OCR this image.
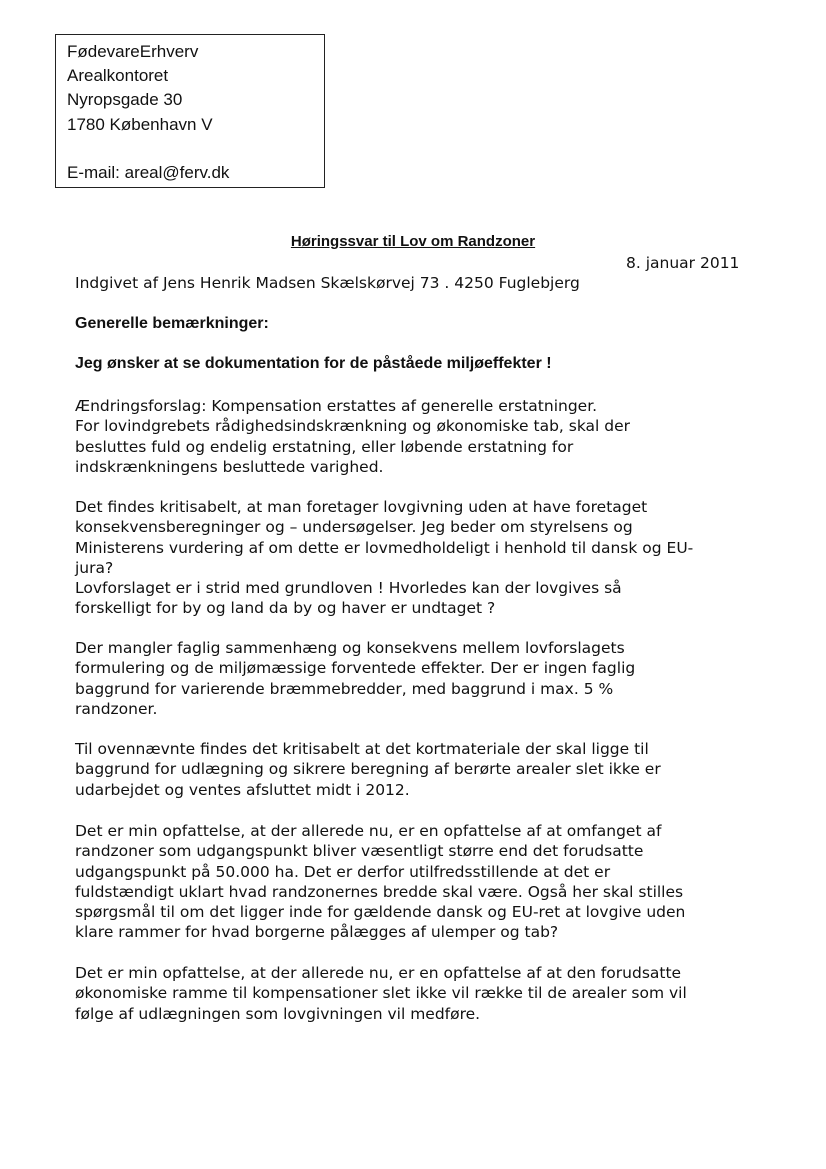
FødevareErhverv
Arealkontoret
Nyropsgade 30
1780 København V
E-mail: areal@ferv.dk
Høringssvar til Lov om Randzoner
8. januar 2011
Indgivet af Jens Henrik Madsen Skælskørvej 73 . 4250 Fuglebjerg
Generelle bemærkninger:
Jeg ønsker at se dokumentation for de påståede miljøeffekter !
Ændringsforslag: Kompensation erstattes af generelle erstatninger.
For lovindgrebets rådighedsindskrænkning og økonomiske tab, skal der
besluttes fuld og endelig erstatning, eller løbende erstatning for
indskrænkningens besluttede varighed.
Det findes kritisabelt, at man foretager lovgivning uden at have foretaget
konsekvensberegninger og – undersøgelser. Jeg beder om styrelsens og
Ministerens vurdering af om dette er lovmedholdeligt i henhold til dansk og EU-
jura?
Lovforslaget er i strid med grundloven ! Hvorledes kan der lovgives så
forskelligt for by og land da by og haver er undtaget ?
Der mangler faglig sammenhæng og konsekvens mellem lovforslagets
formulering og de miljømæssige forventede effekter. Der er ingen faglig
baggrund for varierende bræmmebredder, med baggrund i max. 5 %
randzoner.
Til ovennævnte findes det kritisabelt at det kortmateriale der skal ligge til
baggrund for udlægning og sikrere beregning af berørte arealer slet ikke er
udarbejdet og ventes afsluttet midt i 2012.
Det er min opfattelse, at der allerede nu, er en opfattelse af at omfanget af
randzoner som udgangspunkt bliver væsentligt større end det forudsatte
udgangspunkt på 50.000 ha. Det er derfor utilfredsstillende at det er
fuldstændigt uklart hvad randzonernes bredde skal være. Også her skal stilles
spørgsmål til om det ligger inde for gældende dansk og EU-ret at lovgive uden
klare rammer for hvad borgerne pålægges af ulemper og tab?
Det er min opfattelse, at der allerede nu, er en opfattelse af at den forudsatte
økonomiske ramme til kompensationer slet ikke vil række til de arealer som vil
følge af udlægningen som lovgivningen vil medføre.
